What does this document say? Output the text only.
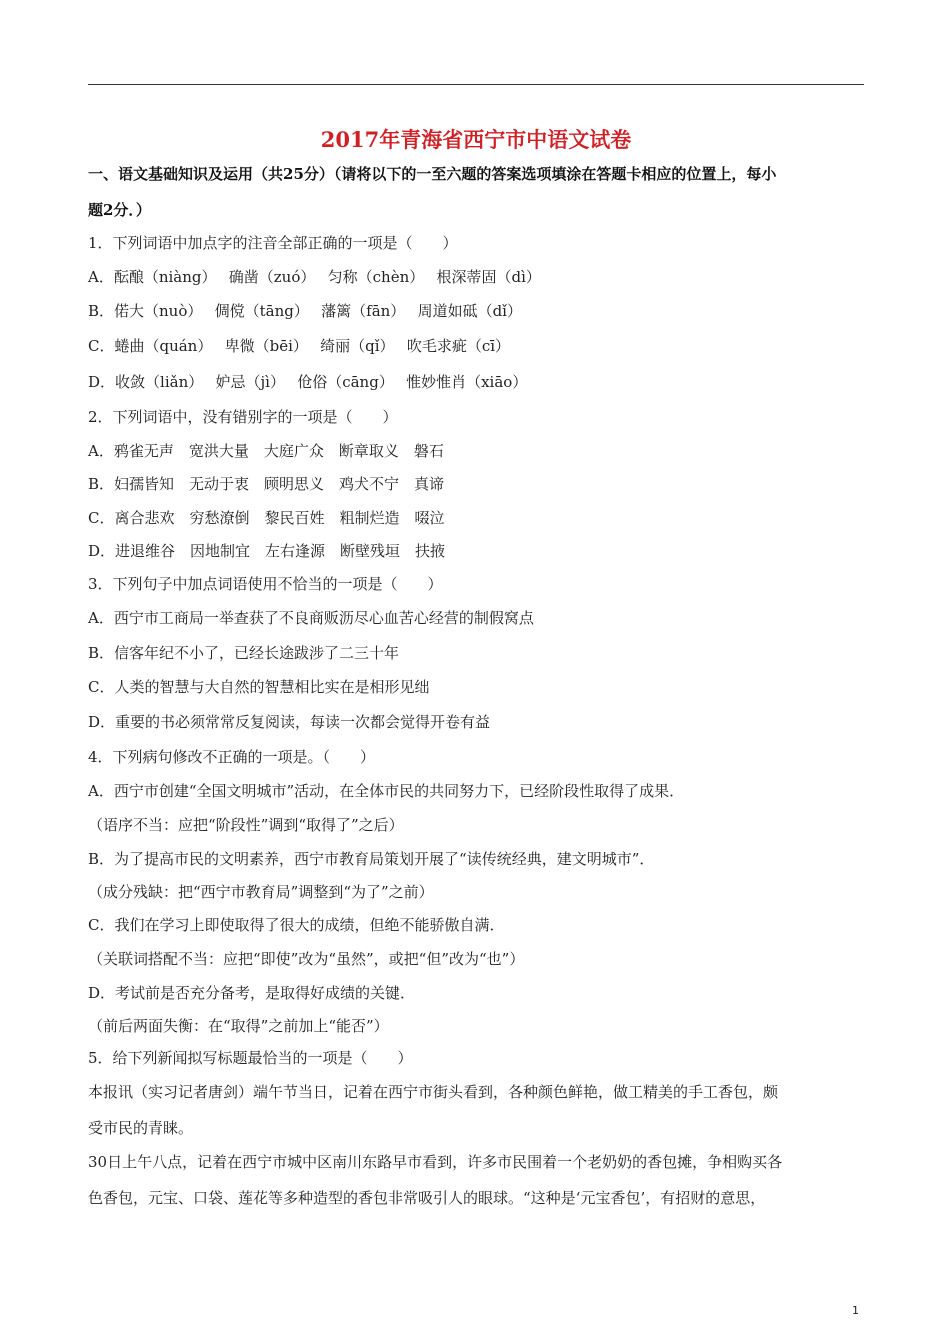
2017年青海省西宁市中语文试卷
一、语文基础知识及运用（共25分）（请将以下的一至六题的答案选项填涂在答题卡相应的位置上，每小
题2分．）
1．下列词语中加点字的注音全部正确的一项是（　　）
A．酝酿（niàng）　 确凿（zuó）　 匀称（chèn）　 根深蒂固（dì）
B．偌大（nuò）　 倜傥（tāng）　 藩篱（fān）　 周道如砥（dǐ）
C．蜷曲（quán）　 卑微（bēi）　 绮丽（qǐ）　 吹毛求疵（cī）
D．收敛（liǎn）　 妒忌（jì）　 伧俗（cāng）　 惟妙惟肖（xiāo）
2．下列词语中，没有错别字的一项是（　　）
A．鸦雀无声　宽洪大量　大庭广众　断章取义　磐石
B．妇孺皆知　无动于衷　顾明思义　鸡犬不宁　真谛
C．离合悲欢　穷愁潦倒　黎民百姓　粗制烂造　啜泣
D．进退维谷　因地制宜　左右逢源　断壁残垣　扶掖
3．下列句子中加点词语使用不恰当的一项是（　　）
A．西宁市工商局一举查获了不良商贩沥尽心血苦心经营的制假窝点
B．信客年纪不小了，已经长途跋涉了二三十年
C．人类的智慧与大自然的智慧相比实在是相形见绌
D．重要的书必须常常反复阅读，每读一次都会觉得开卷有益
4．下列病句修改不正确的一项是。（　　）
A．西宁市创建“全国文明城市”活动，在全体市民的共同努力下，已经阶段性取得了成果．
（语序不当：应把“阶段性”调到“取得了”之后）
B．为了提高市民的文明素养，西宁市教育局策划开展了“读传统经典，建文明城市”．
（成分残缺：把“西宁市教育局”调整到“为了”之前）
C．我们在学习上即使取得了很大的成绩，但绝不能骄傲自满．
（关联词搭配不当：应把“即使”改为“虽然”，或把“但”改为“也”）
D．考试前是否充分备考，是取得好成绩的关键．
（前后两面失衡：在“取得”之前加上“能否”）
5．给下列新闻拟写标题最恰当的一项是（　　）
本报讯（实习记者唐剑）端午节当日，记着在西宁市街头看到，各种颜色鲜艳，做工精美的手工香包，颇
受市民的青睐。
30日上午八点，记着在西宁市城中区南川东路早市看到，许多市民围着一个老奶奶的香包摊，争相购买各
色香包，元宝、口袋、莲花等多种造型的香包非常吸引人的眼球。“这种是‘元宝香包’，有招财的意思，
1
